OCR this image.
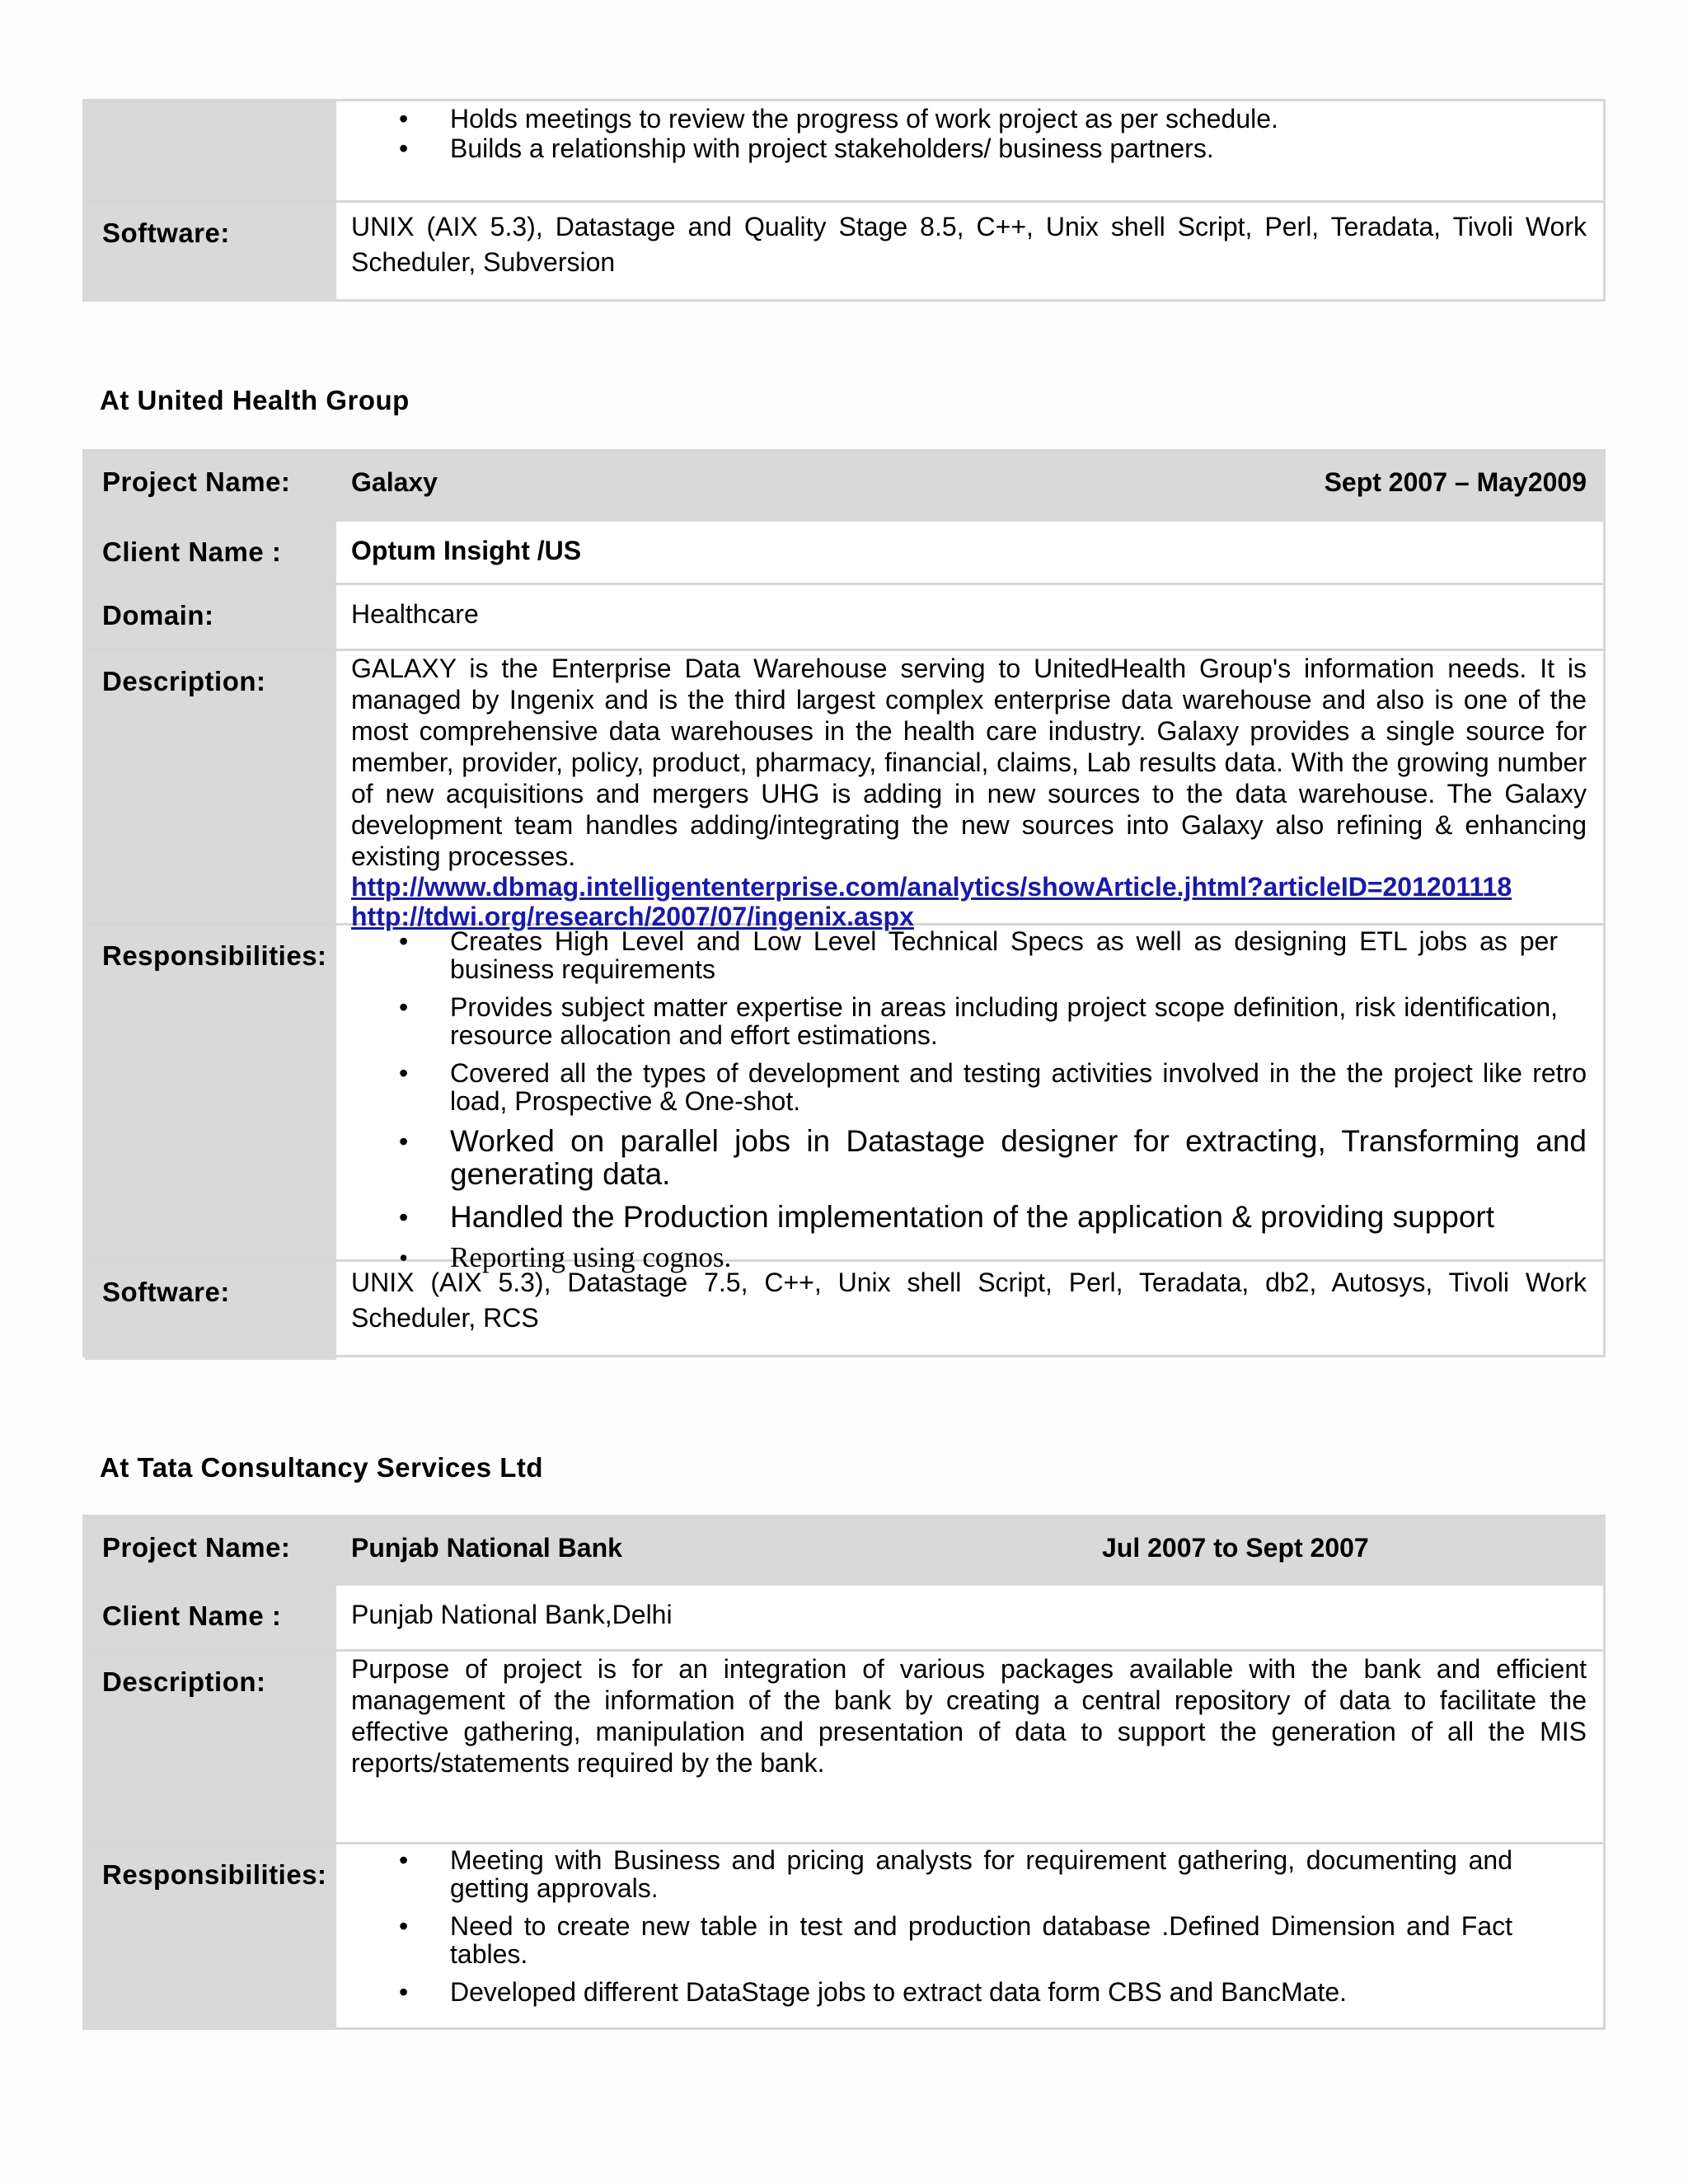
• Holds meetings to review the progress of work project as per schedule.
• Builds a relationship with project stakeholders/ business partners.
Software:	UNIX (AIX 5.3), Datastage and Quality Stage 8.5, C++, Unix shell Script, Perl, Teradata, Tivoli Work Scheduler, Subversion
At United Health Group
Project Name:	Galaxy	Sept 2007 – May2009
Client Name :	Optum Insight /US
Domain:	Healthcare
Description:	GALAXY is the Enterprise Data Warehouse serving to UnitedHealth Group's information needs. It is managed by Ingenix and is the third largest complex enterprise data warehouse and also is one of the most comprehensive data warehouses in the health care industry. Galaxy provides a single source for member, provider, policy, product, pharmacy, financial, claims, Lab results data. With the growing number of new acquisitions and mergers UHG is adding in new sources to the data warehouse. The Galaxy development team handles adding/integrating the new sources into Galaxy also refining & enhancing existing processes.
http://www.dbmag.intelligententerprise.com/analytics/showArticle.jhtml?articleID=201201118
http://tdwi.org/research/2007/07/ingenix.aspx
Responsibilities:	• Creates High Level and Low Level Technical Specs as well as designing ETL jobs as per business requirements
• Provides subject matter expertise in areas including project scope definition, risk identification, resource allocation and effort estimations.
• Covered all the types of development and testing activities involved in the the project like retro load, Prospective & One-shot.
• Worked on parallel jobs in Datastage designer for extracting, Transforming and generating data.
• Handled the Production implementation of the application & providing support
• Reporting using cognos.
Software:	UNIX (AIX 5.3), Datastage 7.5, C++, Unix shell Script, Perl, Teradata, db2, Autosys, Tivoli Work Scheduler, RCS
At Tata Consultancy Services Ltd
Project Name:	Punjab National Bank	Jul 2007 to Sept 2007
Client Name :	Punjab National Bank,Delhi
Description:	Purpose of project is for an integration of various packages available with the bank and efficient management of the information of the bank by creating a central repository of data to facilitate the effective gathering, manipulation and presentation of data to support the generation of all the MIS reports/statements required by the bank.
Responsibilities:	• Meeting with Business and pricing analysts for requirement gathering, documenting and getting approvals.
• Need to create new table in test and production database .Defined Dimension and Fact tables.
• Developed different DataStage jobs to extract data form CBS and BancMate.
